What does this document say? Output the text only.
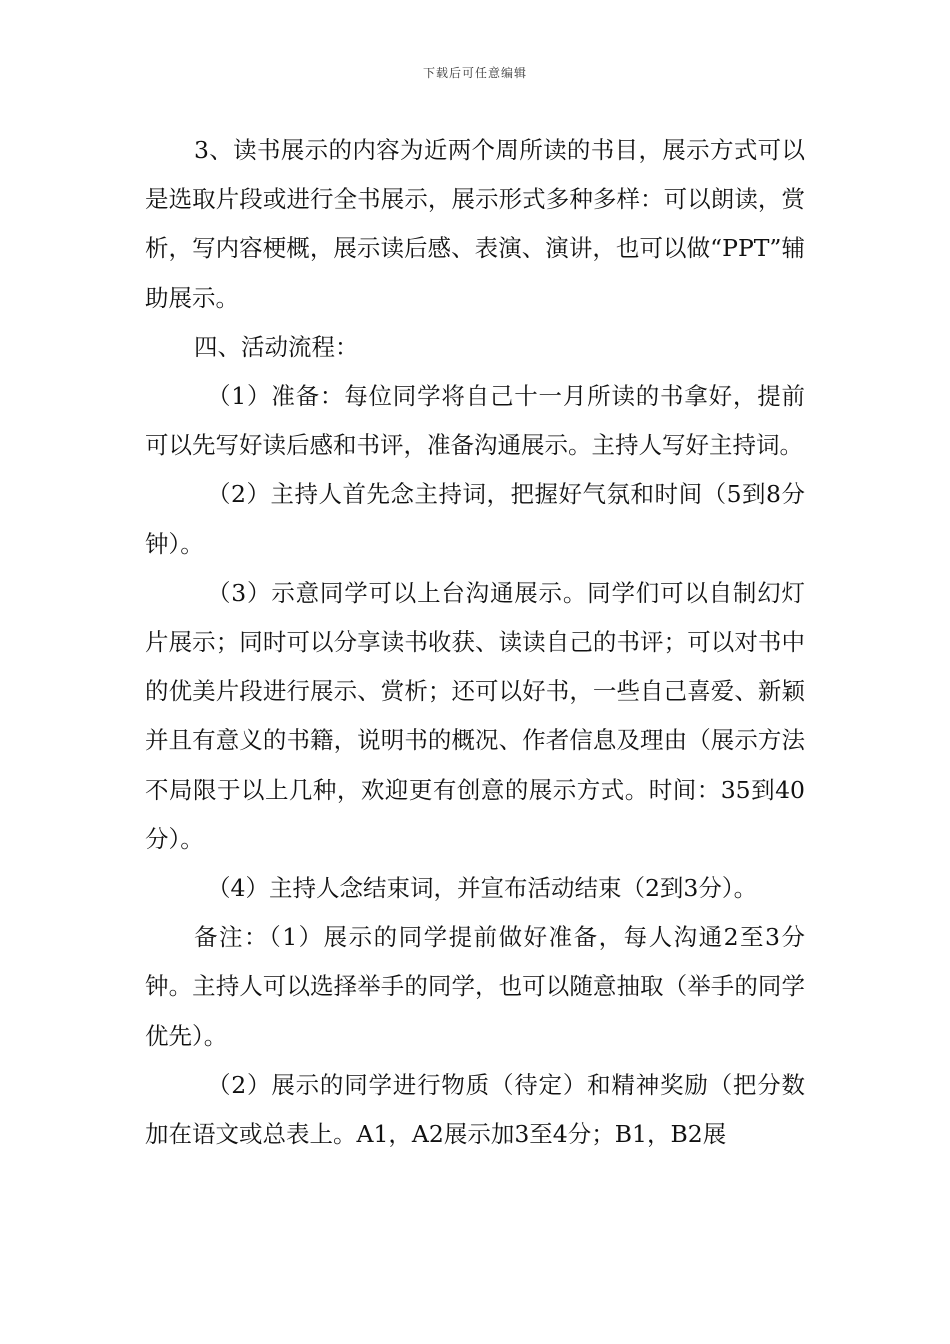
下载后可任意编辑

3、读书展示的内容为近两个周所读的书目，展示方式可以是选取片段或进行全书展示，展示形式多种多样：可以朗读，赏析，写内容梗概，展示读后感、表演、演讲，也可以做“PPT”辅助展示。

四、活动流程：

（1）准备：每位同学将自己十一月所读的书拿好，提前可以先写好读后感和书评，准备沟通展示。主持人写好主持词。

（2）主持人首先念主持词，把握好气氛和时间（5到8分钟）。

（3）示意同学可以上台沟通展示。同学们可以自制幻灯片展示；同时可以分享读书收获、读读自己的书评；可以对书中的优美片段进行展示、赏析；还可以好书，一些自己喜爱、新颖并且有意义的书籍，说明书的概况、作者信息及理由（展示方法不局限于以上几种，欢迎更有创意的展示方式。时间：35到40分）。

（4）主持人念结束词，并宣布活动结束（2到3分）。

备注：（1）展示的同学提前做好准备，每人沟通2至3分钟。主持人可以选择举手的同学，也可以随意抽取（举手的同学优先）。

（2）展示的同学进行物质（待定）和精神奖励（把分数加在语文或总表上。A1，A2展示加3至4分；B1，B2展
